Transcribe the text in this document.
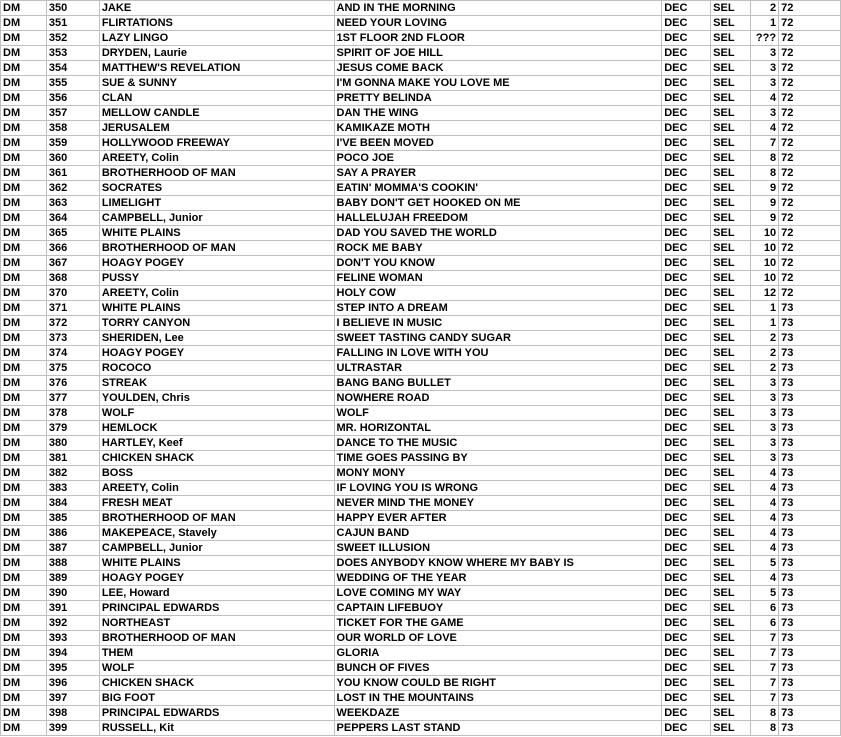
DM	350	JAKE	AND IN THE MORNING	DEC	SEL	2	72
DM	351	FLIRTATIONS	NEED YOUR LOVING	DEC	SEL	1	72
DM	352	LAZY LINGO	1ST FLOOR 2ND FLOOR	DEC	SEL	???	72
DM	353	DRYDEN, Laurie	SPIRIT OF JOE HILL	DEC	SEL	3	72
DM	354	MATTHEW'S REVELATION	JESUS COME BACK	DEC	SEL	3	72
DM	355	SUE & SUNNY	I'M GONNA MAKE YOU LOVE ME	DEC	SEL	3	72
DM	356	CLAN	PRETTY BELINDA	DEC	SEL	4	72
DM	357	MELLOW CANDLE	DAN THE WING	DEC	SEL	3	72
DM	358	JERUSALEM	KAMIKAZE MOTH	DEC	SEL	4	72
DM	359	HOLLYWOOD FREEWAY	I'VE BEEN MOVED	DEC	SEL	7	72
DM	360	AREETY, Colin	POCO JOE	DEC	SEL	8	72
DM	361	BROTHERHOOD OF MAN	SAY A PRAYER	DEC	SEL	8	72
DM	362	SOCRATES	EATIN' MOMMA'S COOKIN'	DEC	SEL	9	72
DM	363	LIMELIGHT	BABY DON'T GET HOOKED ON ME	DEC	SEL	9	72
DM	364	CAMPBELL, Junior	HALLELUJAH FREEDOM	DEC	SEL	9	72
DM	365	WHITE PLAINS	DAD YOU SAVED THE WORLD	DEC	SEL	10	72
DM	366	BROTHERHOOD OF MAN	ROCK ME BABY	DEC	SEL	10	72
DM	367	HOAGY POGEY	DON'T YOU KNOW	DEC	SEL	10	72
DM	368	PUSSY	FELINE WOMAN	DEC	SEL	10	72
DM	370	AREETY, Colin	HOLY COW	DEC	SEL	12	72
DM	371	WHITE PLAINS	STEP INTO A DREAM	DEC	SEL	1	73
DM	372	TORRY CANYON	I BELIEVE IN MUSIC	DEC	SEL	1	73
DM	373	SHERIDEN, Lee	SWEET TASTING CANDY SUGAR	DEC	SEL	2	73
DM	374	HOAGY POGEY	FALLING IN LOVE WITH YOU	DEC	SEL	2	73
DM	375	ROCOCO	ULTRASTAR	DEC	SEL	2	73
DM	376	STREAK	BANG BANG BULLET	DEC	SEL	3	73
DM	377	YOULDEN, Chris	NOWHERE ROAD	DEC	SEL	3	73
DM	378	WOLF	WOLF	DEC	SEL	3	73
DM	379	HEMLOCK	MR. HORIZONTAL	DEC	SEL	3	73
DM	380	HARTLEY, Keef	DANCE TO THE MUSIC	DEC	SEL	3	73
DM	381	CHICKEN SHACK	TIME GOES PASSING BY	DEC	SEL	3	73
DM	382	BOSS	MONY MONY	DEC	SEL	4	73
DM	383	AREETY, Colin	IF LOVING YOU IS WRONG	DEC	SEL	4	73
DM	384	FRESH MEAT	NEVER MIND THE MONEY	DEC	SEL	4	73
DM	385	BROTHERHOOD OF MAN	HAPPY EVER AFTER	DEC	SEL	4	73
DM	386	MAKEPEACE, Stavely	CAJUN BAND	DEC	SEL	4	73
DM	387	CAMPBELL, Junior	SWEET ILLUSION	DEC	SEL	4	73
DM	388	WHITE PLAINS	DOES ANYBODY KNOW WHERE MY BABY IS	DEC	SEL	5	73
DM	389	HOAGY POGEY	WEDDING OF THE YEAR	DEC	SEL	4	73
DM	390	LEE, Howard	LOVE COMING MY WAY	DEC	SEL	5	73
DM	391	PRINCIPAL EDWARDS	CAPTAIN LIFEBUOY	DEC	SEL	6	73
DM	392	NORTHEAST	TICKET FOR THE GAME	DEC	SEL	6	73
DM	393	BROTHERHOOD OF MAN	OUR WORLD OF LOVE	DEC	SEL	7	73
DM	394	THEM	GLORIA	DEC	SEL	7	73
DM	395	WOLF	BUNCH OF FIVES	DEC	SEL	7	73
DM	396	CHICKEN SHACK	YOU KNOW COULD BE RIGHT	DEC	SEL	7	73
DM	397	BIG FOOT	LOST IN THE MOUNTAINS	DEC	SEL	7	73
DM	398	PRINCIPAL EDWARDS	WEEKDAZE	DEC	SEL	8	73
DM	399	RUSSELL, Kit	PEPPERS LAST STAND	DEC	SEL	8	73
